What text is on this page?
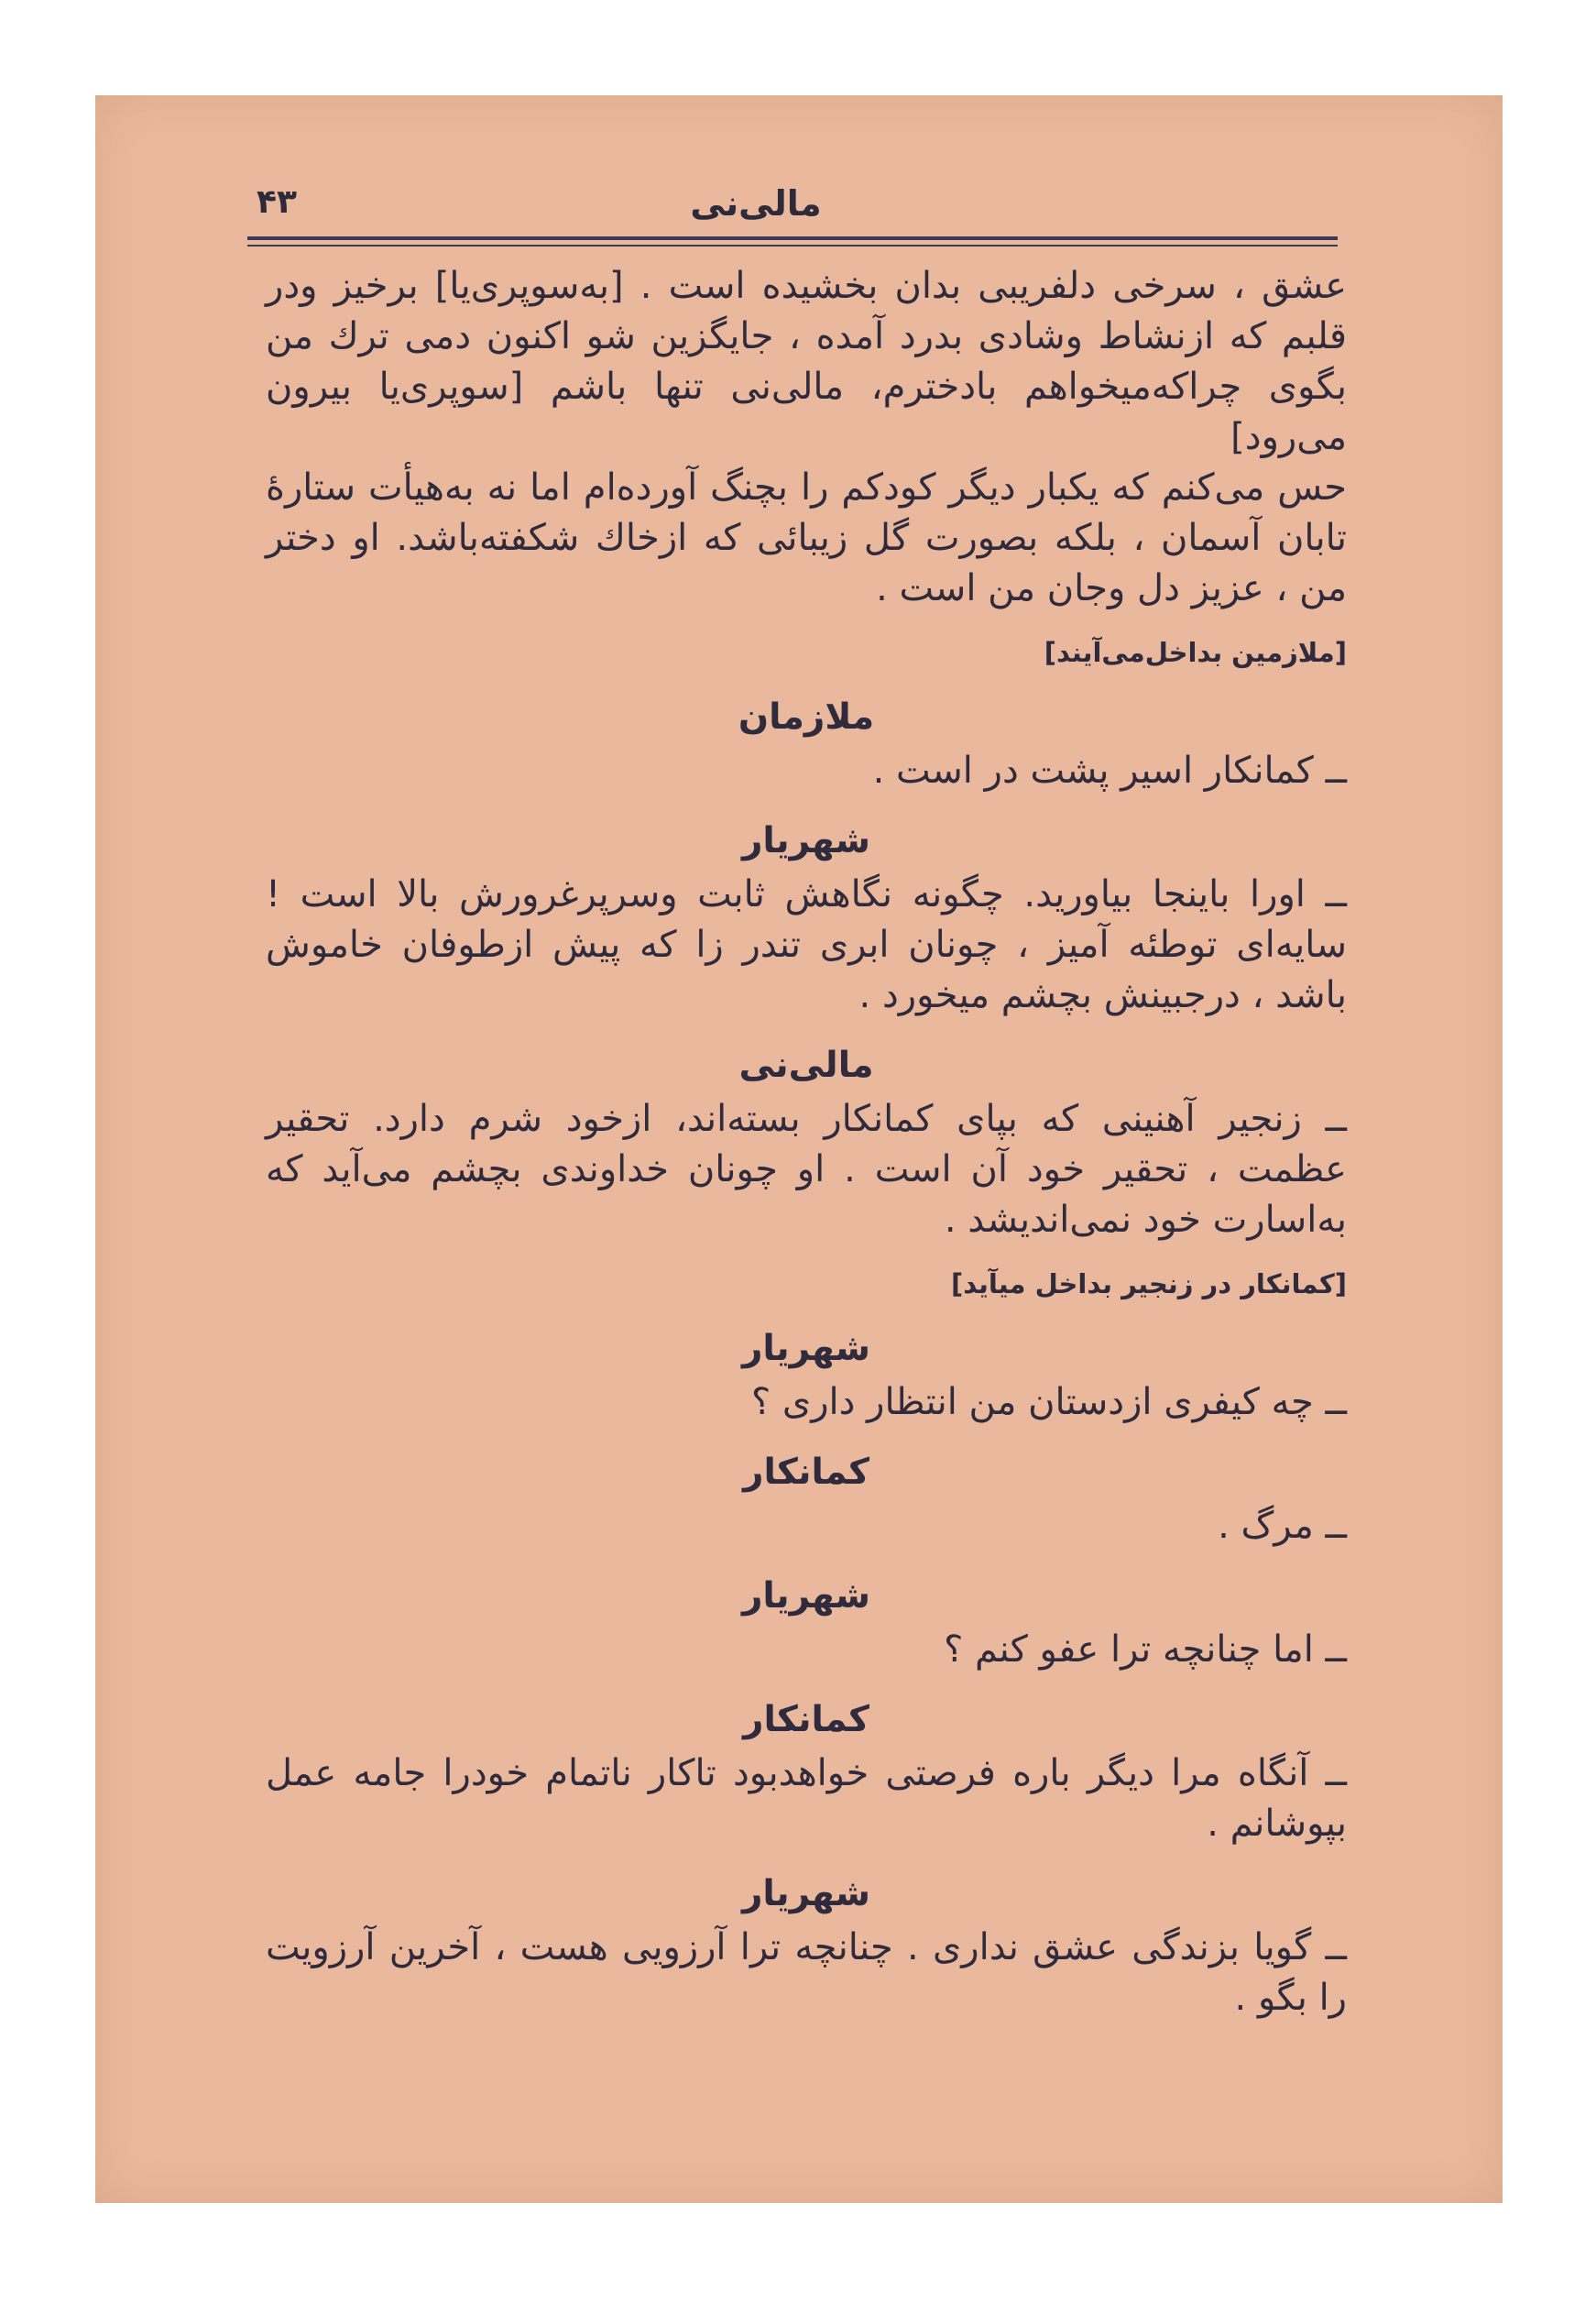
۴۳	مالی‌نی

عشق ، سرخی دلفریبی بدان بخشیده است . [به‌سوپری‌یا] برخیز ودر قلبم که ازنشاط وشادی بدرد آمده ، جایگزین شو اکنون دمی ترك من بگوی چراکه‌میخواهم بادخترم، مالی‌نی تنها باشم [سوپری‌یا بیرون می‌رود]

حس می‌کنم که یکبار دیگر کودکم را بچنگ آورده‌ام اما نه به‌هیأت ستارهٔ تابان آسمان ، بلکه بصورت گل زیبائی که ازخاك شکفته‌باشد. او دختر من ، عزیز دل وجان من است .

[ملازمین بداخل‌می‌آیند]
ملازمان

ــ کمانکار اسیر پشت در است .

شهریار

ــ اورا باینجا بیاورید. چگونه نگاهش ثابت وسرپرغرورش بالا است ! سایه‌ای توطئه آمیز ، چونان ابری تندر زا که پیش ازطوفان خاموش باشد ، درجبینش بچشم میخورد .

مالی‌نی

ــ زنجیر آهنینی که بپای کمانکار بسته‌اند، ازخود شرم دارد. تحقیر عظمت ، تحقیر خود آن است . او چونان خداوندی بچشم می‌آید که به‌اسارت خود نمی‌اندیشد .

[کمانکار در زنجیر بداخل میآید]
شهریار

ــ چه کیفری ازدستان من انتظار داری ؟

کمانکار

ــ مرگ .

شهریار

ــ اما چنانچه ترا عفو کنم ؟

کمانکار

ــ آنگاه مرا دیگر باره فرصتی خواهدبود تاکار ناتمام خودرا جامه عمل بپوشانم .

شهریار

ــ گویا بزندگی عشق نداری . چنانچه ترا آرزویی هست ، آخرین آرزویت را بگو .
